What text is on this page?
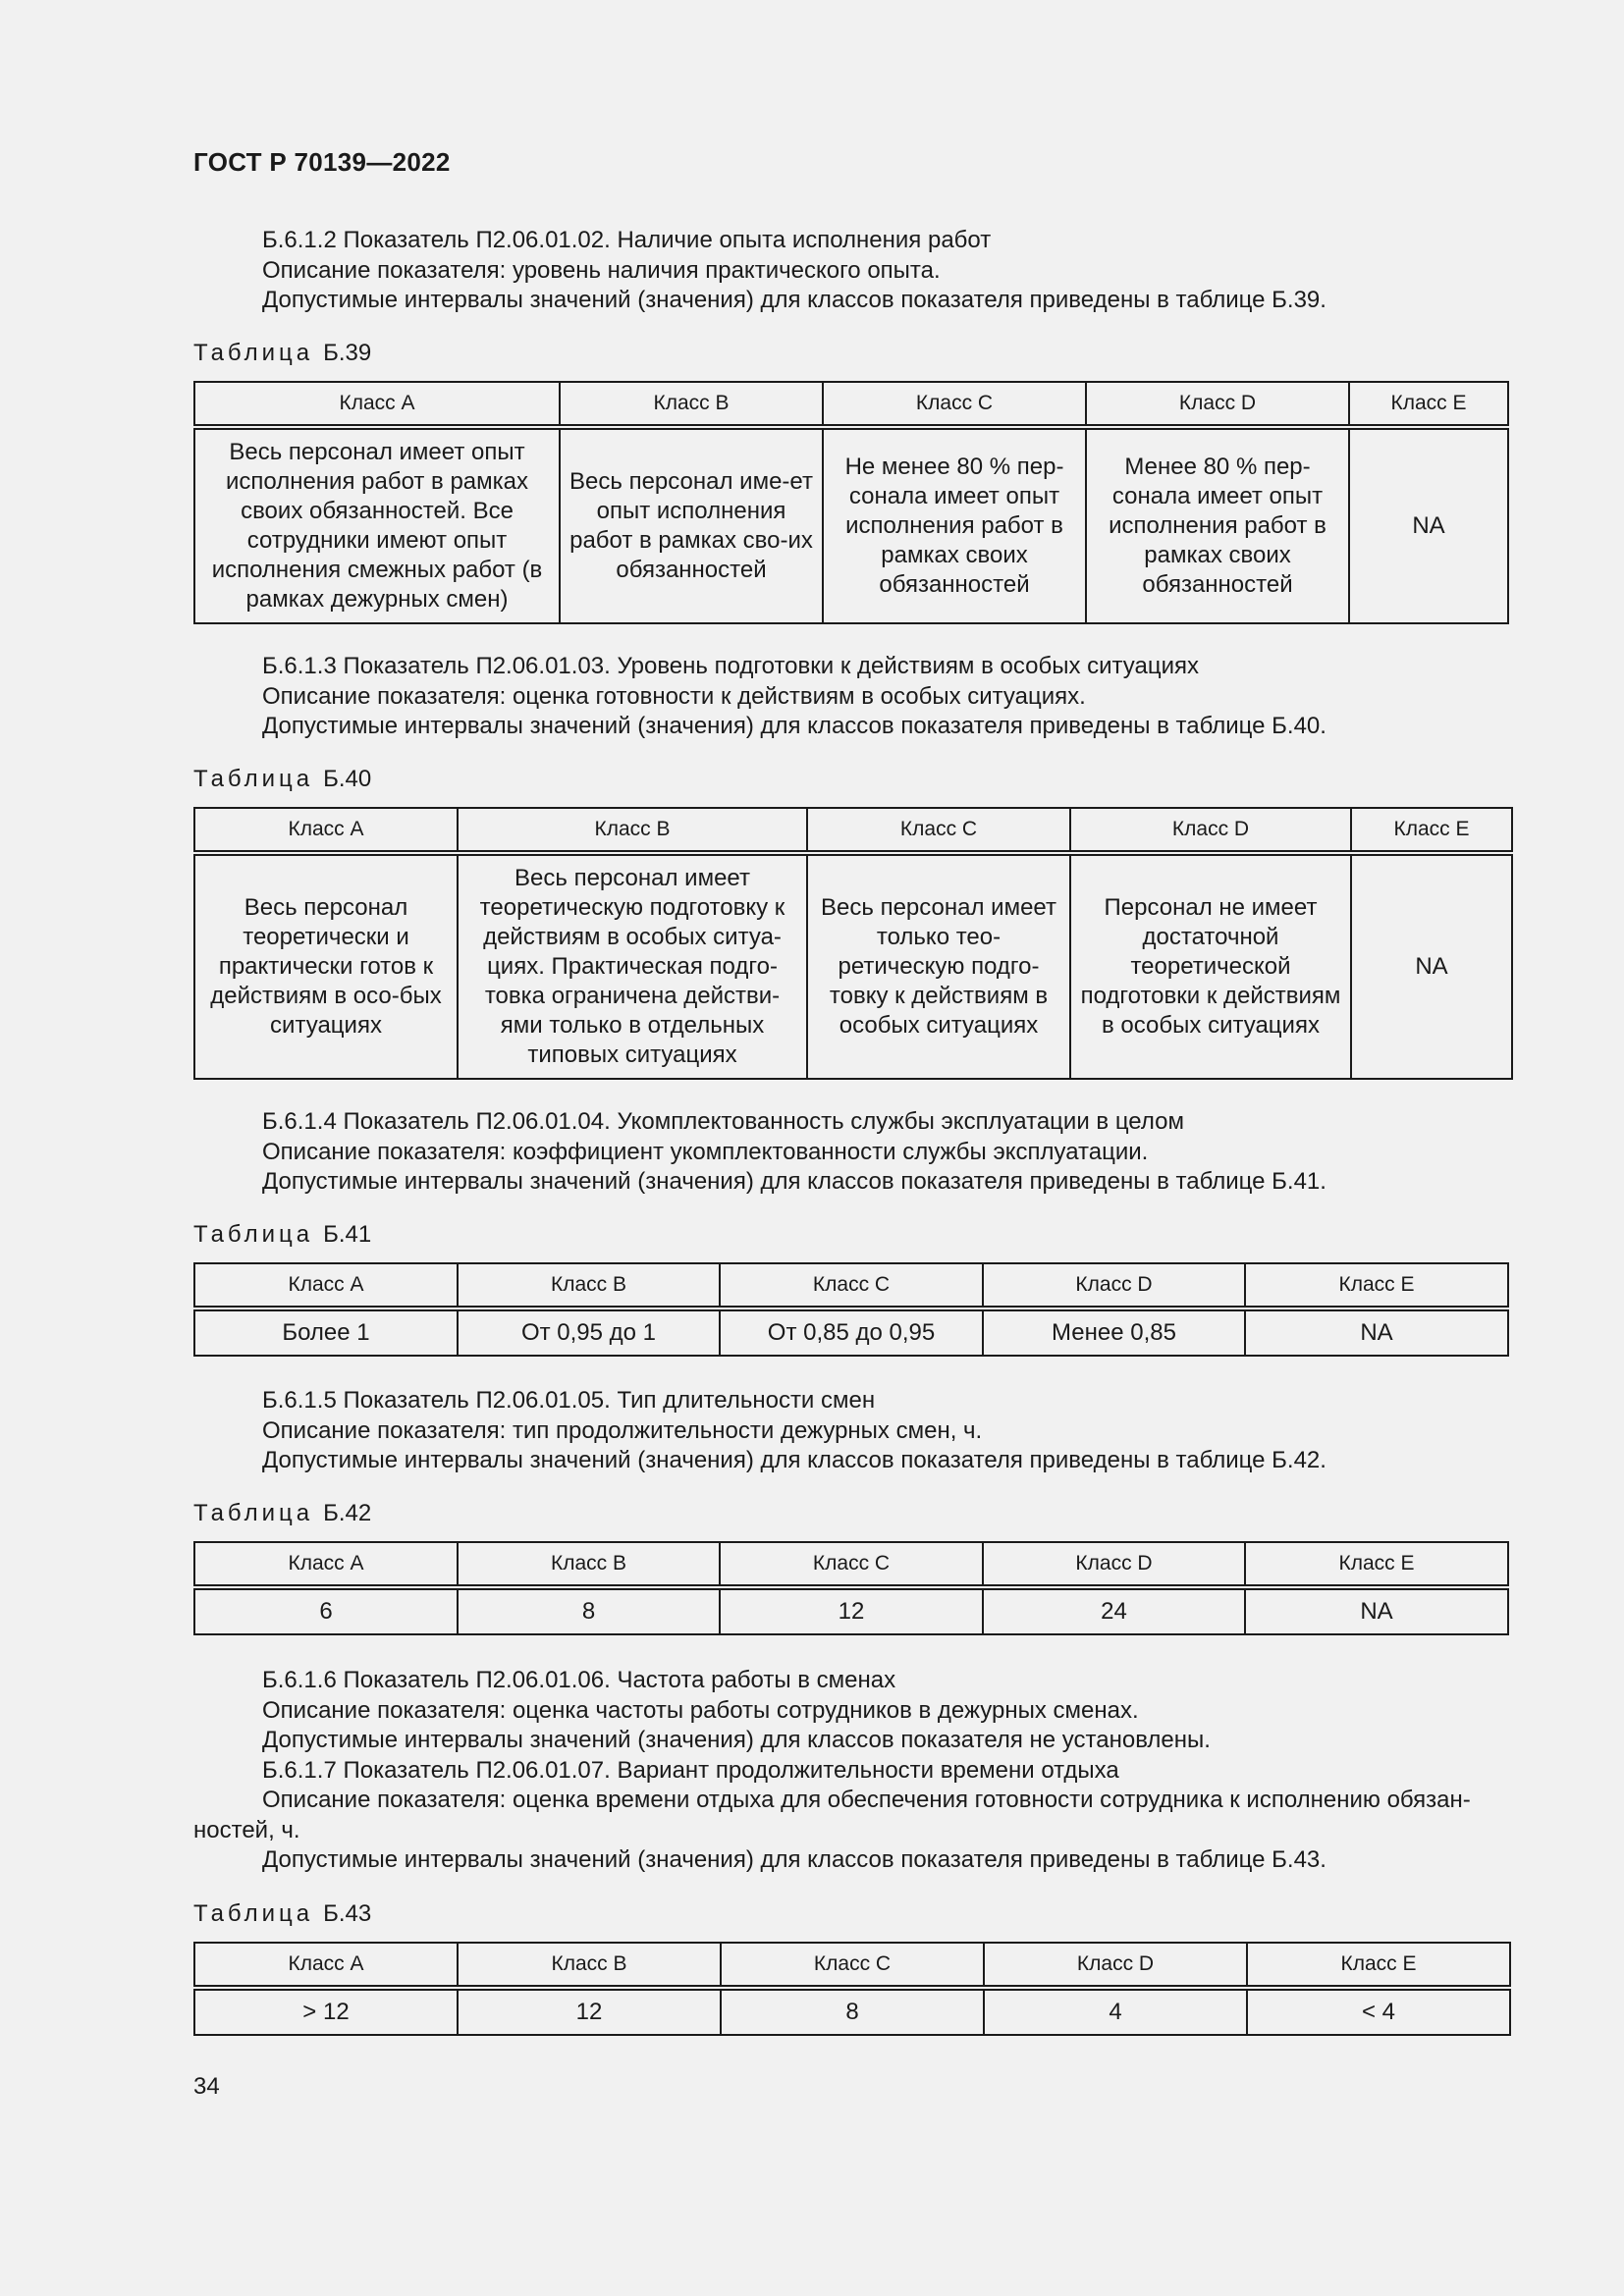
ГОСТ Р 70139—2022

Б.6.1.2 Показатель П2.06.01.02. Наличие опыта исполнения работ

Описание показателя: уровень наличия практического опыта.

Допустимые интервалы значений (значения) для классов показателя приведены в таблице Б.39.

Таблица Б.39

Класс А	Класс В	Класс С	Класс D	Класс Е
Весь персонал имеет опыт исполнения работ в рамках своих обязанностей. Все сотрудники имеют опыт исполнения смежных работ (в рамках дежурных смен)	Весь персонал име-ет опыт исполнения работ в рамках сво-их обязанностей	Не менее 80 % пер-сонала имеет опыт исполнения работ в рамках своих обязанностей	Менее 80 % пер-сонала имеет опыт исполнения работ в рамках своих обязанностей	NA

Б.6.1.3 Показатель П2.06.01.03. Уровень подготовки к действиям в особых ситуациях

Описание показателя: оценка готовности к действиям в особых ситуациях.

Допустимые интервалы значений (значения) для классов показателя приведены в таблице Б.40.

Таблица Б.40

Класс А	Класс В	Класс С	Класс D	Класс Е
Весь персонал теоретически и практически готов к действиям в осо-бых ситуациях	Весь персонал имеет теоретическую подготовку к действиям в особых ситуа-циях. Практическая подго-товка ограничена действи-ями только в отдельных типовых ситуациях	Весь персонал имеет только тео-ретическую подго-товку к действиям в особых ситуациях	Персонал не имеет достаточной теоретической подготовки к действиям в особых ситуациях	NA

Б.6.1.4 Показатель П2.06.01.04. Укомплектованность службы эксплуатации в целом

Описание показателя: коэффициент укомплектованности службы эксплуатации.

Допустимые интервалы значений (значения) для классов показателя приведены в таблице Б.41.

Таблица Б.41

Класс А	Класс В	Класс С	Класс D	Класс Е
Более 1	От 0,95 до 1	От 0,85 до 0,95	Менее 0,85	NA

Б.6.1.5 Показатель П2.06.01.05. Тип длительности смен

Описание показателя: тип продолжительности дежурных смен, ч.

Допустимые интервалы значений (значения) для классов показателя приведены в таблице Б.42.

Таблица Б.42

Класс А	Класс В	Класс С	Класс D	Класс Е
6	8	12	24	NA

Б.6.1.6 Показатель П2.06.01.06. Частота работы в сменах

Описание показателя: оценка частоты работы сотрудников в дежурных сменах.

Допустимые интервалы значений (значения) для классов показателя не установлены.

Б.6.1.7 Показатель П2.06.01.07. Вариант продолжительности времени отдыха

Описание показателя: оценка времени отдыха для обеспечения готовности сотрудника к исполнению обязан-ностей, ч.

Допустимые интервалы значений (значения) для классов показателя приведены в таблице Б.43.

Таблица Б.43

Класс А	Класс В	Класс С	Класс D	Класс Е
> 12	12	8	4	< 4
34
